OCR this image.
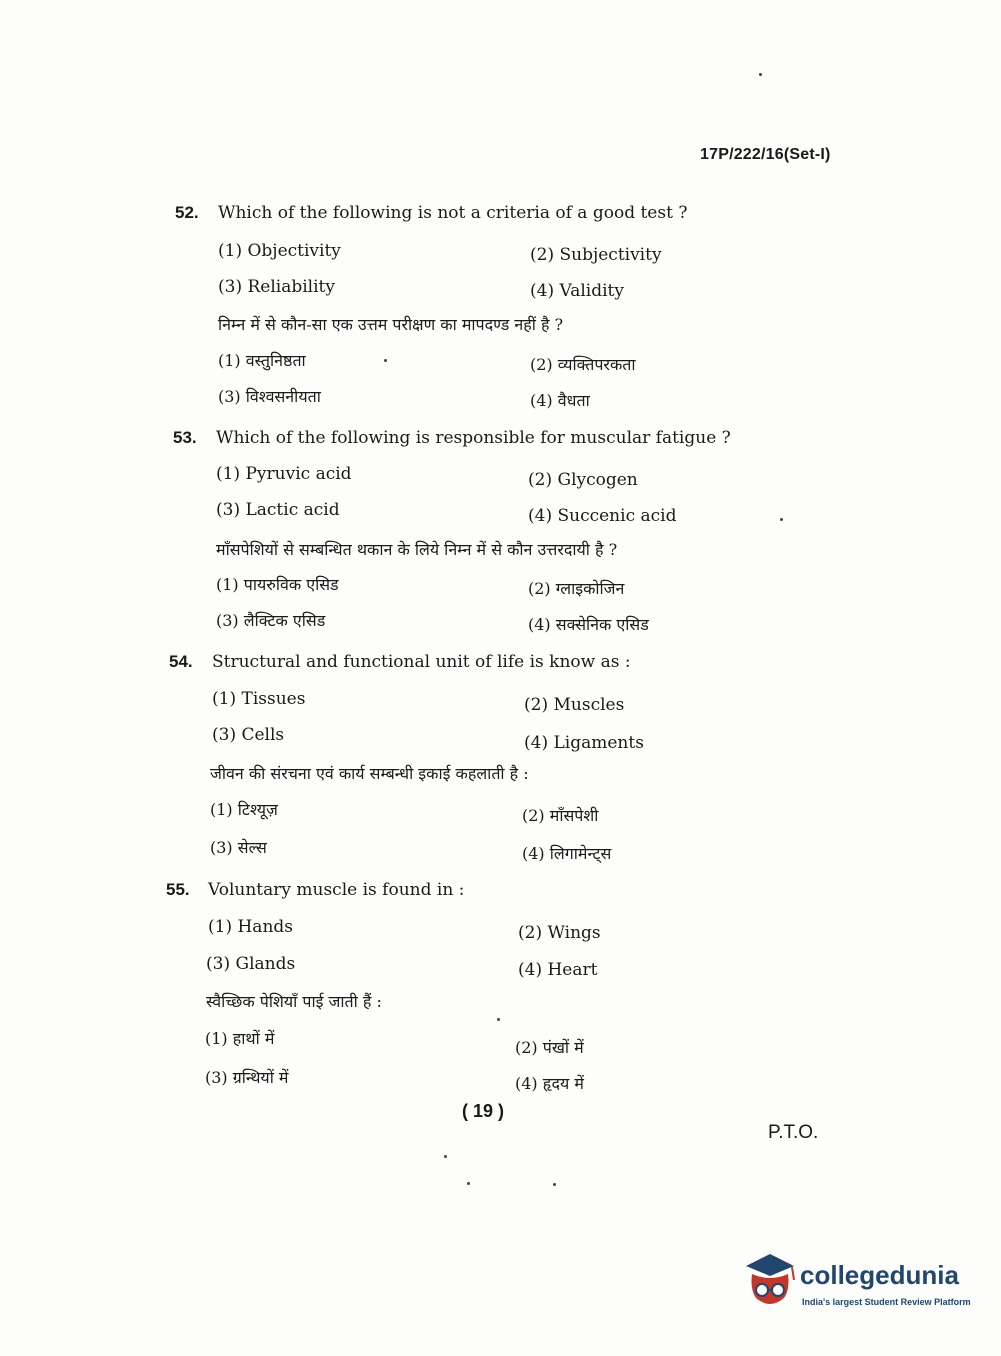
17P/222/16(Set-I)
52. Which of the following is not a criteria of a good test ?
(1) Objectivity	(2) Subjectivity
(3) Reliability	(4) Validity
निम्न में से कौन-सा एक उत्तम परीक्षण का मापदण्ड नहीं है ?
(1) वस्तुनिष्ठता	(2) व्यक्तिपरकता
(3) विश्वसनीयता	(4) वैधता
53. Which of the following is responsible for muscular fatigue ?
(1) Pyruvic acid	(2) Glycogen
(3) Lactic acid	(4) Succenic acid
माँसपेशियों से सम्बन्धित थकान के लिये निम्न में से कौन उत्तरदायी है ?
(1) पायरुविक एसिड	(2) ग्लाइकोजिन
(3) लैक्टिक एसिड	(4) सक्सेनिक एसिड
54. Structural and functional unit of life is know as :
(1) Tissues	(2) Muscles
(3) Cells	(4) Ligaments
जीवन की संरचना एवं कार्य सम्बन्धी इकाई कहलाती है :
(1) टिश्यूज़	(2) माँसपेशी
(3) सेल्स	(4) लिगामेन्ट्स
55. Voluntary muscle is found in :
(1) Hands	(2) Wings
(3) Glands	(4) Heart
स्वैच्छिक पेशियाँ पाई जाती हैं :
(1) हाथों में	(2) पंखों में
(3) ग्रन्थियों में	(4) हृदय में
( 19 )
P.T.O.
collegedunia
India's largest Student Review Platform
